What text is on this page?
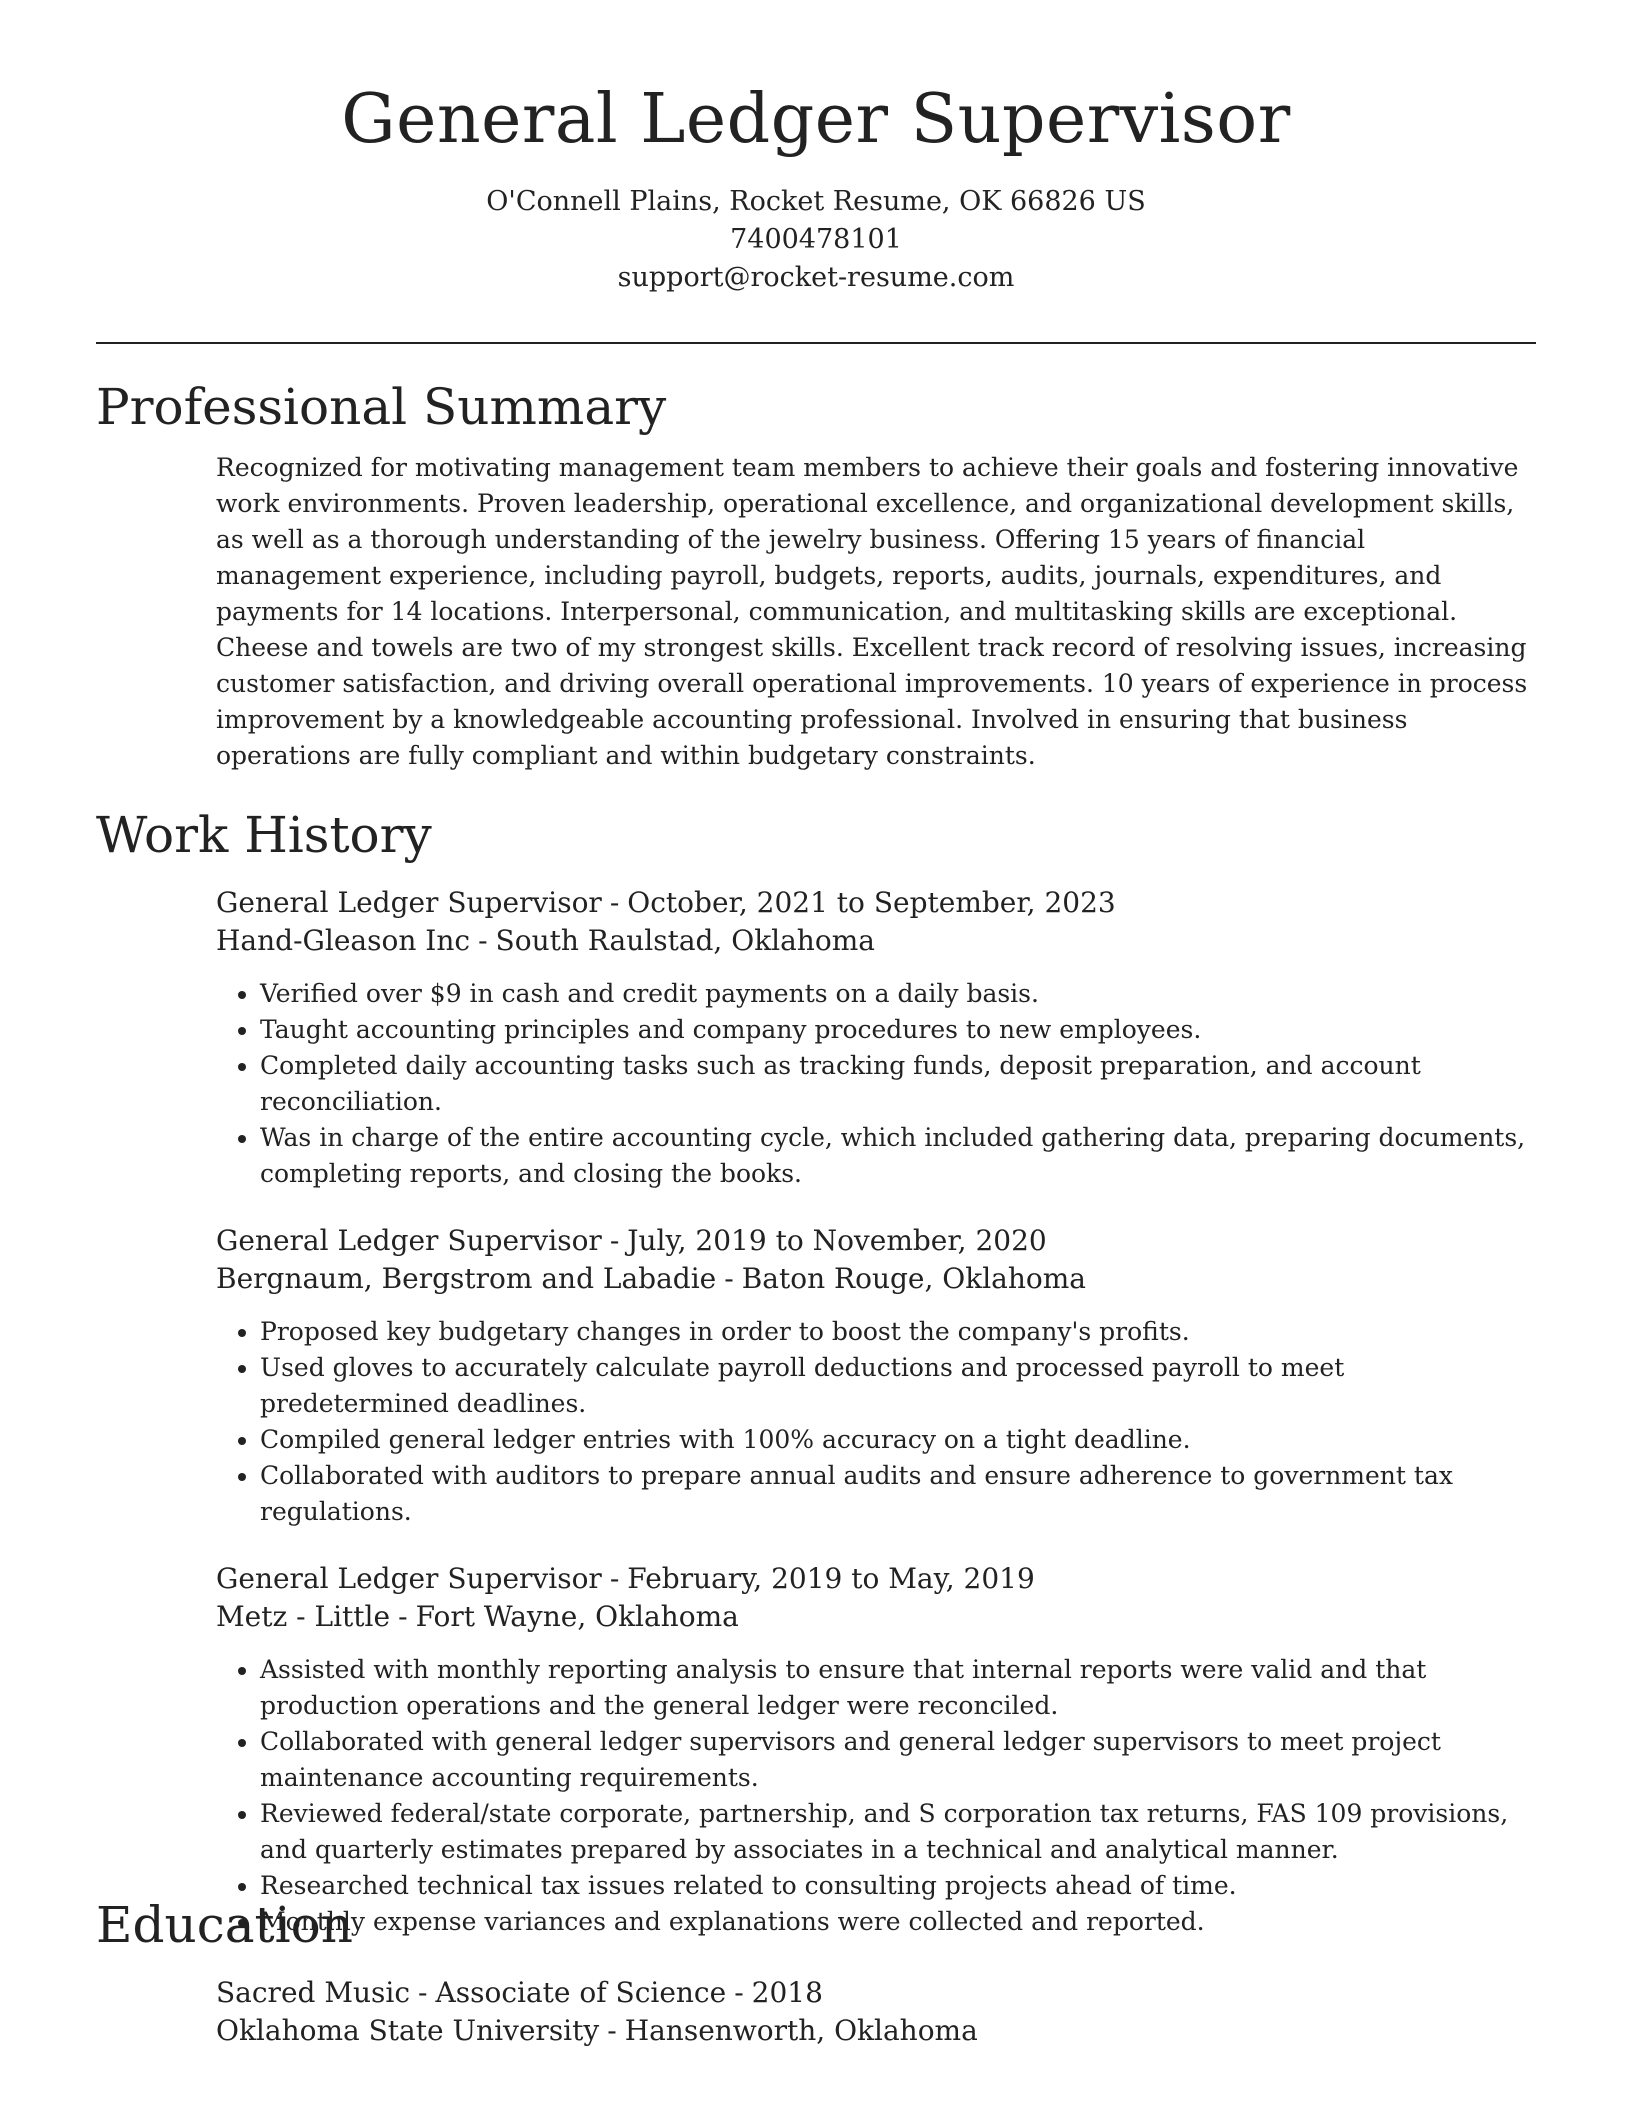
General Ledger Supervisor
O'Connell Plains, Rocket Resume, OK 66826 US
7400478101
support@rocket-resume.com
Professional Summary

Recognized for motivating management team members to achieve their goals and fostering innovative work environments. Proven leadership, operational excellence, and organizational development skills, as well as a thorough understanding of the jewelry business. Offering 15 years of financial management experience, including payroll, budgets, reports, audits, journals, expenditures, and payments for 14 locations. Interpersonal, communication, and multitasking skills are exceptional. Cheese and towels are two of my strongest skills. Excellent track record of resolving issues, increasing customer satisfaction, and driving overall operational improvements. 10 years of experience in process improvement by a knowledgeable accounting professional. Involved in ensuring that business operations are fully compliant and within budgetary constraints.

Work History
General Ledger Supervisor - October, 2021 to September, 2023
Hand-Gleason Inc - South Raulstad, Oklahoma
• Verified over $9 in cash and credit payments on a daily basis.
• Taught accounting principles and company procedures to new employees.
• Completed daily accounting tasks such as tracking funds, deposit preparation, and account reconciliation.
• Was in charge of the entire accounting cycle, which included gathering data, preparing documents, completing reports, and closing the books.
General Ledger Supervisor - July, 2019 to November, 2020
Bergnaum, Bergstrom and Labadie - Baton Rouge, Oklahoma
• Proposed key budgetary changes in order to boost the company's profits.
• Used gloves to accurately calculate payroll deductions and processed payroll to meet predetermined deadlines.
• Compiled general ledger entries with 100% accuracy on a tight deadline.
• Collaborated with auditors to prepare annual audits and ensure adherence to government tax regulations.
General Ledger Supervisor - February, 2019 to May, 2019
Metz - Little - Fort Wayne, Oklahoma
• Assisted with monthly reporting analysis to ensure that internal reports were valid and that production operations and the general ledger were reconciled.
• Collaborated with general ledger supervisors and general ledger supervisors to meet project maintenance accounting requirements.
• Reviewed federal/state corporate, partnership, and S corporation tax returns, FAS 109 provisions, and quarterly estimates prepared by associates in a technical and analytical manner.
• Researched technical tax issues related to consulting projects ahead of time.
• Monthly expense variances and explanations were collected and reported.
Education
Sacred Music - Associate of Science - 2018
Oklahoma State University - Hansenworth, Oklahoma
